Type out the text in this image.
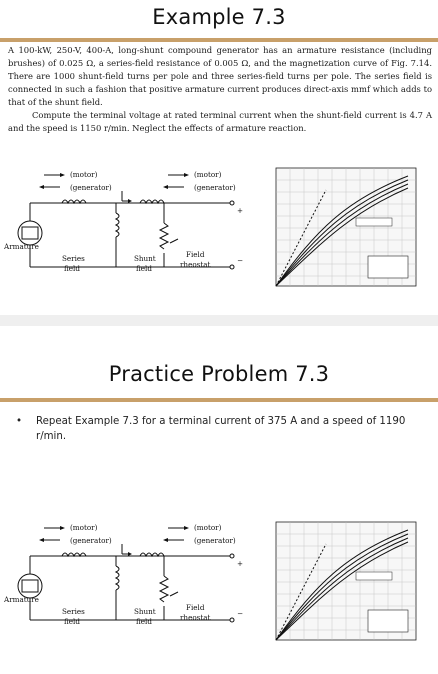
Example 7.3

A 100-kW, 250-V, 400-A, long-shunt compound generator has an armature resistance (including brushes) of 0.025 Ω, a series-field resistance of 0.005 Ω, and the magnetization curve of Fig. 7.14. There are 1000 shunt-field turns per pole and three series-field turns per pole. The series field is connected in such a fashion that positive armature current produces direct-axis mmf which adds to that of the shunt field.

Compute the terminal voltage at rated terminal current when the shunt-field current is 4.7 A and the speed is 1150 r/min. Neglect the effects of armature reaction.

(motor)
(generator)
(motor)
(generator)
Armature
Series
field
Shunt
field
Field
rheostat
+
−
Practice Problem 7.3
• Repeat Example 7.3 for a terminal current of 375 A and a speed of 1190 r/min.
(motor)
(generator)
(motor)
(generator)
Armature
Series
field
Shunt
field
Field
rheostat
+
−
